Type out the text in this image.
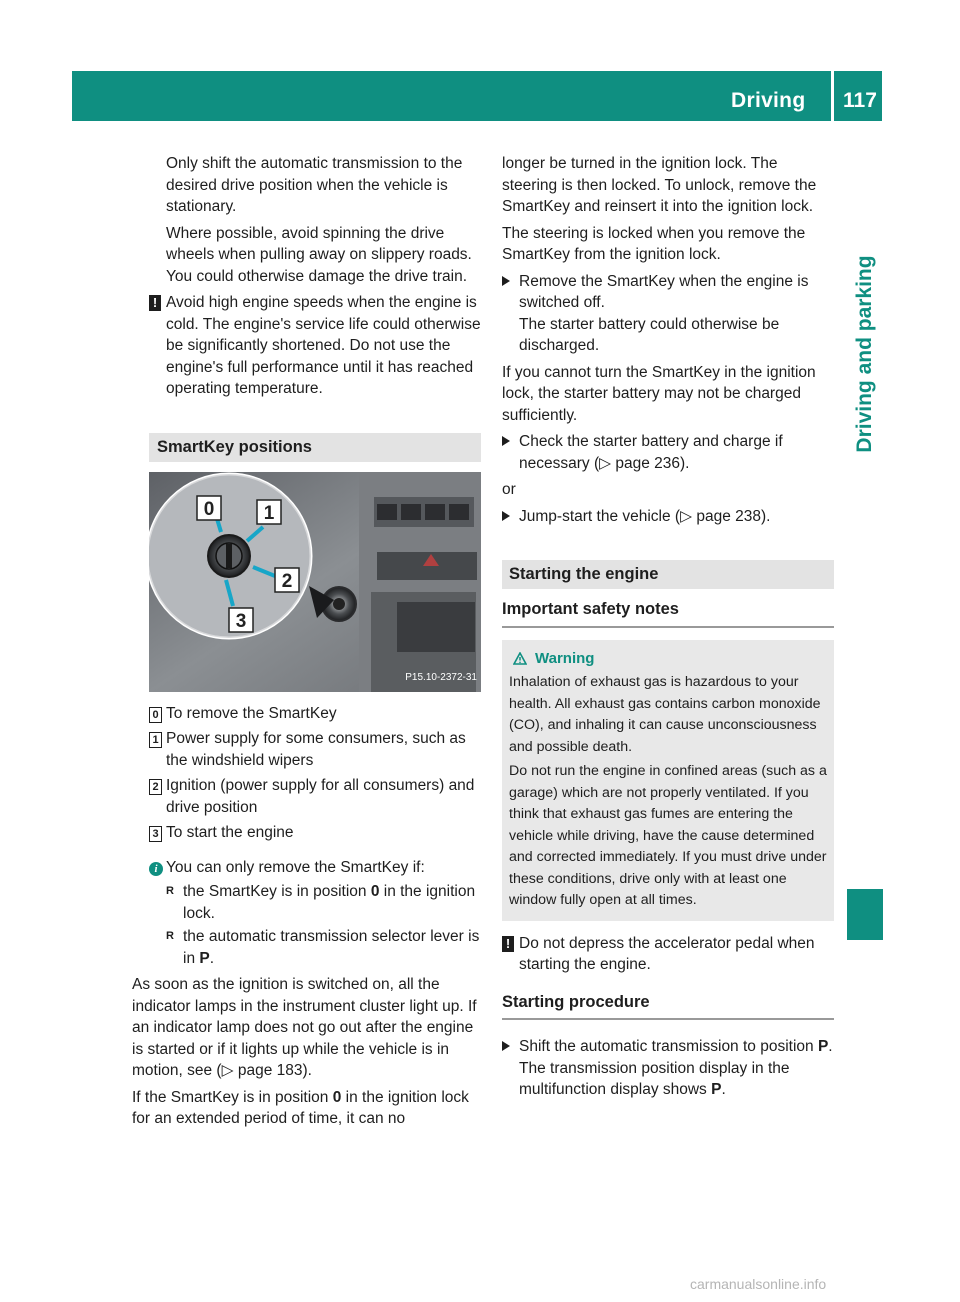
Driving 117
Driving and parking

Only shift the automatic transmission to the desired drive position when the vehicle is stationary.

Where possible, avoid spinning the drive wheels when pulling away on slippery roads. You could otherwise damage the drive train.

! Avoid high engine speeds when the engine is cold. The engine's service life could otherwise be significantly shortened. Do not use the engine's full performance until it has reached operating temperature.
SmartKey positions
0	1
2
3
P15.10-2372-31
0 To remove the SmartKey
1 Power supply for some consumers, such as the windshield wipers
2 Ignition (power supply for all consumers) and drive position
3 To start the engine
i You can only remove the SmartKey if:
R the SmartKey is in position 0 in the ignition lock.
R the automatic transmission selector lever is in P.

As soon as the ignition is switched on, all the indicator lamps in the instrument cluster light up. If an indicator lamp does not go out after the engine is started or if it lights up while the vehicle is in motion, see (▷ page 183).

If the SmartKey is in position 0 in the ignition lock for an extended period of time, it can no

longer be turned in the ignition lock. The steering is then locked. To unlock, remove the SmartKey and reinsert it into the ignition lock.

The steering is locked when you remove the SmartKey from the ignition lock.

Remove the SmartKey when the engine is switched off.
The starter battery could otherwise be discharged.

If you cannot turn the SmartKey in the ignition lock, the starter battery may not be charged sufficiently.

Check the starter battery and charge if necessary (▷ page 236).

or

Jump-start the vehicle (▷ page 238).
Starting the engine
Important safety notes
Warning

Inhalation of exhaust gas is hazardous to your health. All exhaust gas contains carbon monoxide (CO), and inhaling it can cause unconsciousness and possible death.

Do not run the engine in confined areas (such as a garage) which are not properly ventilated. If you think that exhaust gas fumes are entering the vehicle while driving, have the cause determined and corrected immediately. If you must drive under these conditions, drive only with at least one window fully open at all times.

! Do not depress the accelerator pedal when starting the engine.
Starting procedure
Shift the automatic transmission to position P.
The transmission position display in the multifunction display shows P.
carmanualsonline.info
